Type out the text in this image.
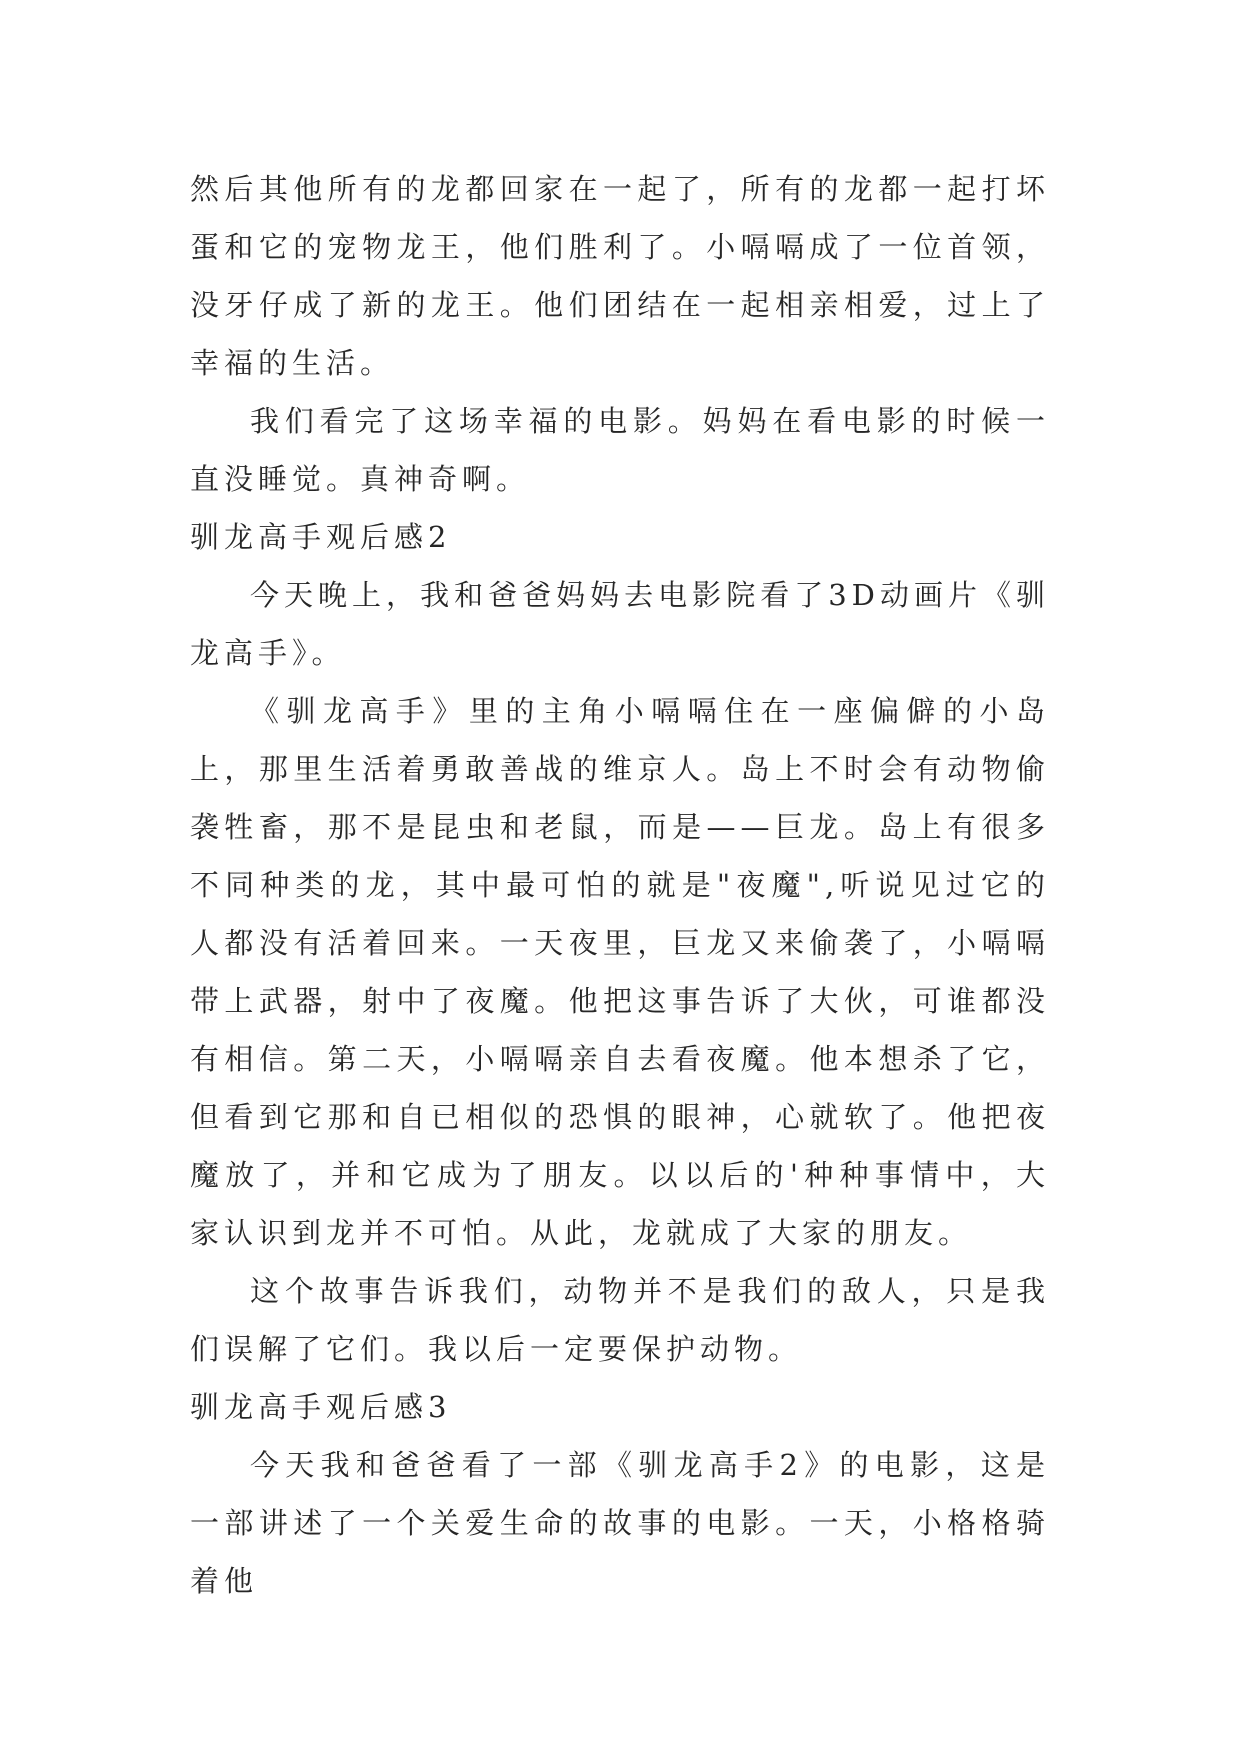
然后其他所有的龙都回家在一起了，所有的龙都一起打坏蛋和它的宠物龙王，他们胜利了。小嗝嗝成了一位首领，没牙仔成了新的龙王。他们团结在一起相亲相爱，过上了幸福的生活。

我们看完了这场幸福的电影。妈妈在看电影的时候一直没睡觉。真神奇啊。

驯龙高手观后感2

今天晚上，我和爸爸妈妈去电影院看了3D动画片《驯龙高手》。

《驯龙高手》里的主角小嗝嗝住在一座偏僻的小岛上，那里生活着勇敢善战的维京人。岛上不时会有动物偷袭牲畜，那不是昆虫和老鼠，而是——巨龙。岛上有很多不同种类的龙，其中最可怕的就是"夜魔",听说见过它的人都没有活着回来。一天夜里，巨龙又来偷袭了，小嗝嗝带上武器，射中了夜魔。他把这事告诉了大伙，可谁都没有相信。第二天，小嗝嗝亲自去看夜魔。他本想杀了它，但看到它那和自已相似的恐惧的眼神，心就软了。他把夜魔放了，并和它成为了朋友。以以后的'种种事情中，大家认识到龙并不可怕。从此，龙就成了大家的朋友。

这个故事告诉我们，动物并不是我们的敌人，只是我们误解了它们。我以后一定要保护动物。

驯龙高手观后感3

今天我和爸爸看了一部《驯龙高手2》的电影，这是一部讲述了一个关爱生命的故事的电影。一天，小格格骑着他
